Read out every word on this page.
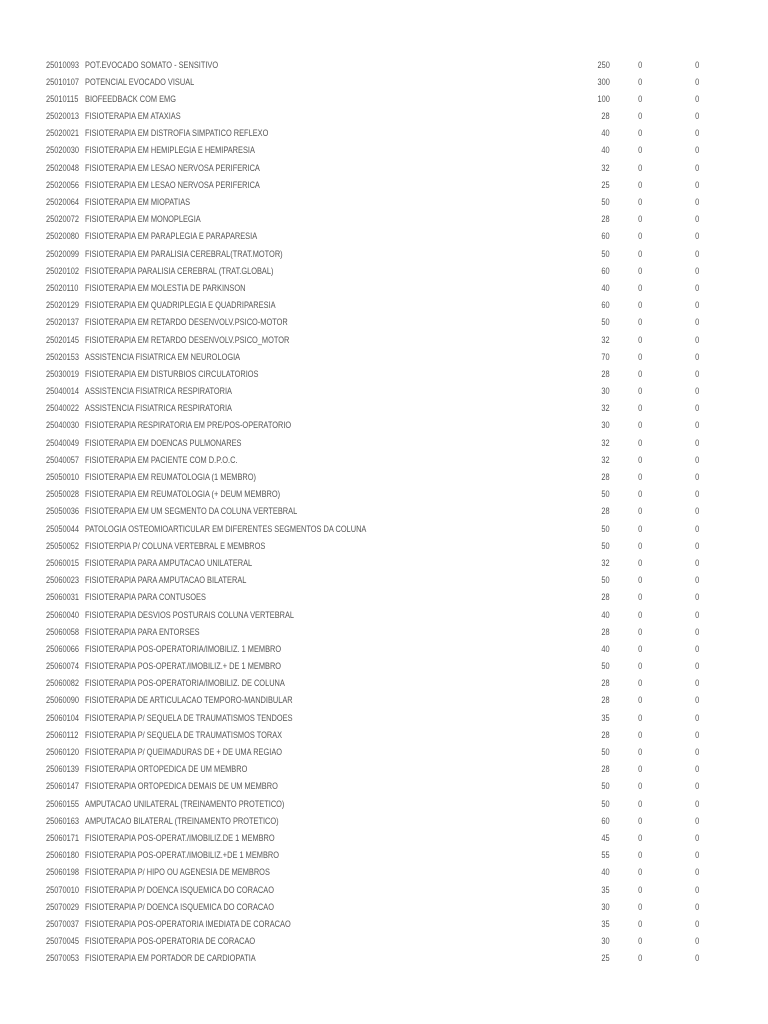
25010093 POT.EVOCADO SOMATO - SENSITIVO	250	0	0
25010107 POTENCIAL EVOCADO VISUAL	300	0	0
25010115 BIOFEEDBACK COM EMG	100	0	0
25020013 FISIOTERAPIA EM ATAXIAS	28	0	0
25020021 FISIOTERAPIA EM DISTROFIA SIMPATICO REFLEXO	40	0	0
25020030 FISIOTERAPIA EM HEMIPLEGIA E HEMIPARESIA	40	0	0
25020048 FISIOTERAPIA EM LESAO NERVOSA PERIFERICA	32	0	0
25020056 FISIOTERAPIA EM LESAO NERVOSA PERIFERICA	25	0	0
25020064 FISIOTERAPIA EM MIOPATIAS	50	0	0
25020072 FISIOTERAPIA EM MONOPLEGIA	28	0	0
25020080 FISIOTERAPIA EM PARAPLEGIA E PARAPARESIA	60	0	0
25020099 FISIOTERAPIA EM PARALISIA CEREBRAL(TRAT.MOTOR)	50	0	0
25020102 FISIOTERAPIA PARALISIA CEREBRAL (TRAT.GLOBAL)	60	0	0
25020110 FISIOTERAPIA EM MOLESTIA DE PARKINSON	40	0	0
25020129 FISIOTERAPIA EM QUADRIPLEGIA E QUADRIPARESIA	60	0	0
25020137 FISIOTERAPIA EM RETARDO DESENVOLV.PSICO-MOTOR	50	0	0
25020145 FISIOTERAPIA EM RETARDO DESENVOLV.PSICO_MOTOR	32	0	0
25020153 ASSISTENCIA FISIATRICA EM NEUROLOGIA	70	0	0
25030019 FISIOTERAPIA EM DISTURBIOS CIRCULATORIOS	28	0	0
25040014 ASSISTENCIA FISIATRICA RESPIRATORIA	30	0	0
25040022 ASSISTENCIA FISIATRICA RESPIRATORIA	32	0	0
25040030 FISIOTERAPIA RESPIRATORIA EM PRE/POS-OPERATORIO	30	0	0
25040049 FISIOTERAPIA EM DOENCAS PULMONARES	32	0	0
25040057 FISIOTERAPIA EM PACIENTE COM D.P.O.C.	32	0	0
25050010 FISIOTERAPIA EM REUMATOLOGIA (1 MEMBRO)	28	0	0
25050028 FISIOTERAPIA EM REUMATOLOGIA (+ DEUM MEMBRO)	50	0	0
25050036 FISIOTERAPIA EM UM SEGMENTO DA COLUNA VERTEBRAL	28	0	0
25050044 PATOLOGIA OSTEOMIOARTICULAR EM DIFERENTES SEGMENTOS DA COLUNA	50	0	0
25050052 FISIOTERPIA P/ COLUNA VERTEBRAL E MEMBROS	50	0	0
25060015 FISIOTERAPIA PARA AMPUTACAO UNILATERAL	32	0	0
25060023 FISIOTERAPIA PARA AMPUTACAO BILATERAL	50	0	0
25060031 FISIOTERAPIA PARA CONTUSOES	28	0	0
25060040 FISIOTERAPIA DESVIOS POSTURAIS COLUNA VERTEBRAL	40	0	0
25060058 FISIOTERAPIA PARA ENTORSES	28	0	0
25060066 FISIOTERAPIA POS-OPERATORIA/IMOBILIZ. 1 MEMBRO	40	0	0
25060074 FISIOTERAPIA POS-OPERAT./IMOBILIZ.+ DE 1 MEMBRO	50	0	0
25060082 FISIOTERAPIA POS-OPERATORIA/IMOBILIZ. DE COLUNA	28	0	0
25060090 FISIOTERAPIA DE ARTICULACAO TEMPORO-MANDIBULAR	28	0	0
25060104 FISIOTERAPIA P/ SEQUELA DE TRAUMATISMOS TENDOES	35	0	0
25060112 FISIOTERAPIA P/ SEQUELA DE TRAUMATISMOS TORAX	28	0	0
25060120 FISIOTERAPIA P/ QUEIMADURAS DE + DE UMA REGIAO	50	0	0
25060139 FISIOTERAPIA ORTOPEDICA DE UM MEMBRO	28	0	0
25060147 FISIOTERAPIA ORTOPEDICA DEMAIS DE UM MEMBRO	50	0	0
25060155 AMPUTACAO UNILATERAL (TREINAMENTO PROTETICO)	50	0	0
25060163 AMPUTACAO BILATERAL (TREINAMENTO PROTETICO)	60	0	0
25060171 FISIOTERAPIA POS-OPERAT./IMOBILIZ.DE 1 MEMBRO	45	0	0
25060180 FISIOTERAPIA POS-OPERAT./IMOBILIZ.+DE 1 MEMBRO	55	0	0
25060198 FISIOTERAPIA P/ HIPO OU AGENESIA DE MEMBROS	40	0	0
25070010 FISIOTERAPIA P/ DOENCA ISQUEMICA DO CORACAO	35	0	0
25070029 FISIOTERAPIA P/ DOENCA ISQUEMICA DO CORACAO	30	0	0
25070037 FISIOTERAPIA POS-OPERATORIA IMEDIATA DE CORACAO	35	0	0
25070045 FISIOTERAPIA POS-OPERATORIA DE CORACAO	30	0	0
25070053 FISIOTERAPIA EM PORTADOR DE CARDIOPATIA	25	0	0
